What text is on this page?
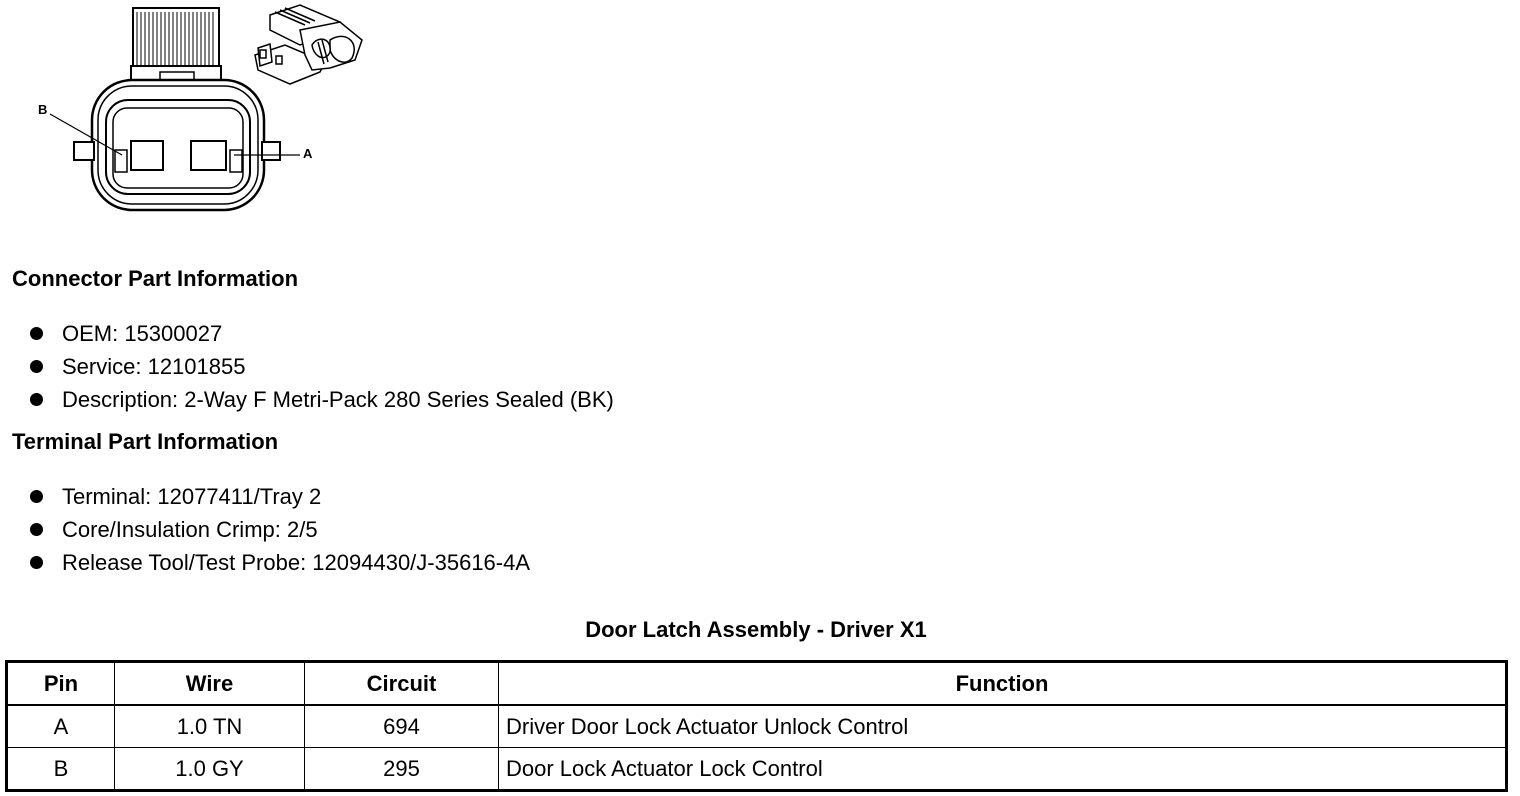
B
A
Connector Part Information
OEM: 15300027
Service: 12101855
Description: 2-Way F Metri-Pack 280 Series Sealed (BK)
Terminal Part Information
Terminal: 12077411/Tray 2
Core/Insulation Crimp: 2/5
Release Tool/Test Probe: 12094430/J-35616-4A
Door Latch Assembly - Driver X1
Pin	Wire	Circuit	Function
A	1.0 TN	694	Driver Door Lock Actuator Unlock Control
B	1.0 GY	295	Door Lock Actuator Lock Control
